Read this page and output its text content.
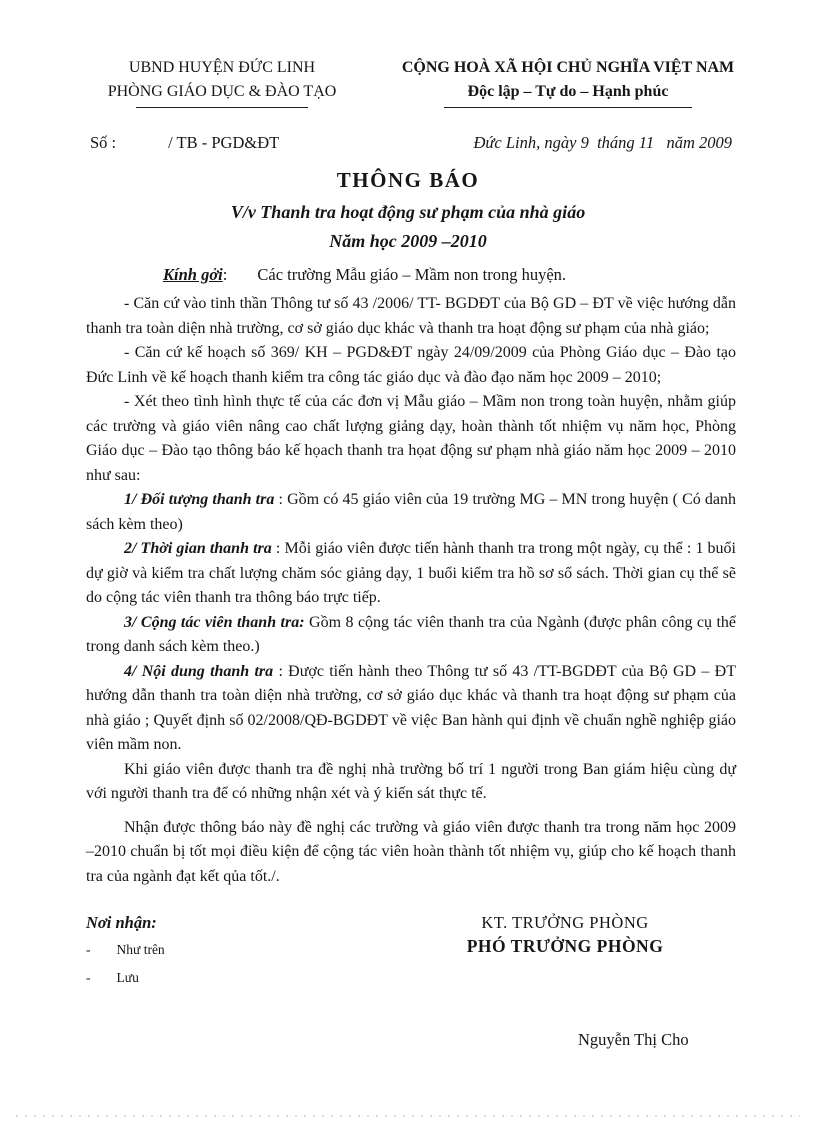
UBND HUYỆN ĐỨC LINH
PHÒNG GIÁO DỤC & ĐÀO TẠO
CỘNG HOÀ XÃ HỘI CHỦ NGHĨA VIỆT NAM
Độc lập – Tự do – Hạnh phúc
Số :	/ TB - PGD&ĐT	Đức Linh, ngày 9  tháng 11   năm 2009
THÔNG BÁO
V/v Thanh tra hoạt động sư phạm của nhà giáo
Năm học 2009 –2010
Kính gởi: Các trường Mẫu giáo – Mầm non trong huyện.

- Căn cứ vào tinh thần Thông tư số 43 /2006/ TT- BGDĐT của Bộ GD – ĐT về việc hướng dẫn thanh tra toàn diện nhà trường, cơ sở giáo dục khác và thanh tra hoạt động sư phạm của nhà giáo;

- Căn cứ kế hoạch số 369/ KH – PGD&ĐT ngày 24/09/2009 của Phòng Giáo dục – Đào tạo Đức Linh về kế hoạch thanh kiểm tra công tác giáo dục và đào đạo năm học 2009 – 2010;

- Xét theo tình hình thực tế của các đơn vị Mẫu giáo – Mầm non trong toàn huyện, nhằm giúp các trường và giáo viên nâng cao chất lượng giảng dạy, hoàn thành tốt nhiệm vụ năm học, Phòng Giáo dục – Đào tạo thông báo kế họach thanh tra họat động sư phạm nhà giáo năm học 2009 – 2010 như sau:

1/ Đối tượng thanh tra : Gồm có 45 giáo viên của 19 trường MG – MN trong huyện ( Có danh sách kèm theo)

2/ Thời gian thanh tra : Mỗi giáo viên được tiến hành thanh tra trong một ngày, cụ thể : 1 buổi dự giờ và kiểm tra chất lượng chăm sóc giảng dạy, 1 buổi kiểm tra hồ sơ sổ sách. Thời gian cụ thể sẽ do cộng tác viên thanh tra thông báo trực tiếp.

3/ Cộng tác viên thanh tra: Gồm 8 cộng tác viên thanh tra của Ngành (được phân công cụ thể trong danh sách kèm theo.)

4/ Nội dung thanh tra : Được tiến hành theo Thông tư số 43 /TT-BGDĐT của Bộ GD – ĐT hướng dẫn thanh tra toàn diện nhà trường, cơ sở giáo dục khác và thanh tra hoạt động sư phạm của nhà giáo ; Quyết định số 02/2008/QĐ-BGDĐT về việc Ban hành qui định về chuẩn nghề nghiệp giáo viên mầm non.

Khi giáo viên được thanh tra đề nghị nhà trường bố trí 1 người trong Ban giám hiệu cùng dự với người thanh tra để có những nhận xét và ý kiến sát thực tế.

Nhận được thông báo này đề nghị các trường và giáo viên được thanh tra trong năm học 2009 –2010 chuẩn bị tốt mọi điều kiện để cộng tác viên hoàn thành tốt nhiệm vụ, giúp cho kế hoạch thanh tra của ngành đạt kết qủa tốt./.

Nơi nhận:
- Như trên
- Lưu
KT. TRƯỞNG PHÒNG
PHÓ TRƯỞNG PHÒNG
Nguyễn Thị Cho
